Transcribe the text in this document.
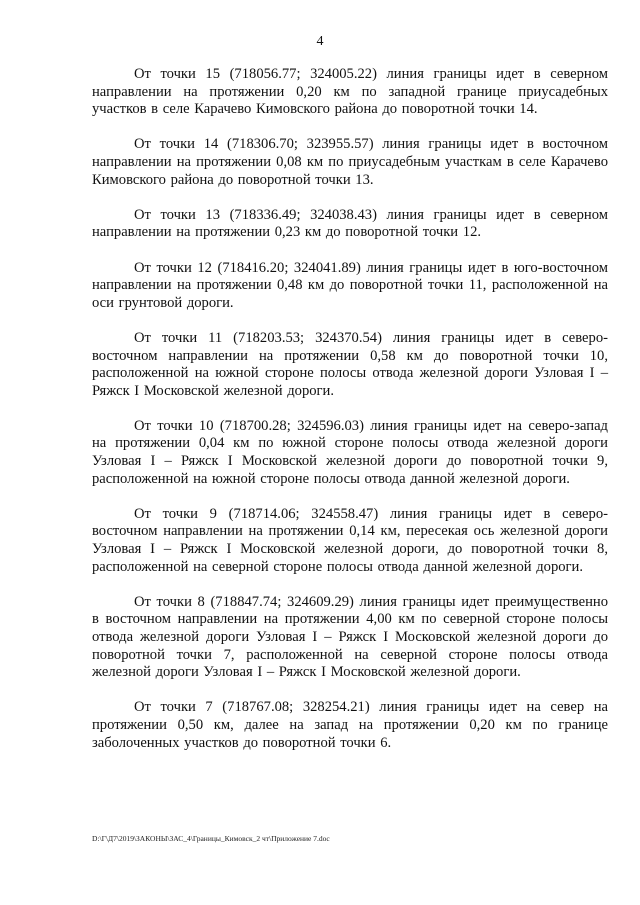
4

От точки 15 (718056.77; 324005.22) линия границы идет в северном направлении на протяжении 0,20 км по западной границе приусадебных участков в селе Карачево Кимовского района до поворотной точки 14.

От точки 14 (718306.70; 323955.57) линия границы идет в восточном направлении на протяжении 0,08 км по приусадебным участкам в селе Карачево Кимовского района до поворотной точки 13.

От точки 13 (718336.49; 324038.43) линия границы идет в северном направлении на протяжении 0,23 км до поворотной точки 12.

От точки 12 (718416.20; 324041.89) линия границы идет в юго-восточном направлении на протяжении 0,48 км до поворотной точки 11, расположенной на оси грунтовой дороги.

От точки 11 (718203.53; 324370.54) линия границы идет в северо-восточном направлении на протяжении 0,58 км до поворотной точки 10, расположенной на южной стороне полосы отвода железной дороги Узловая I – Ряжск I Московской железной дороги.

От точки 10 (718700.28; 324596.03) линия границы идет на северо-запад на протяжении 0,04 км по южной стороне полосы отвода железной дороги Узловая I – Ряжск I Московской железной дороги до поворотной точки 9, расположенной на южной стороне полосы отвода данной железной дороги.

От точки 9 (718714.06; 324558.47) линия границы идет в северо-восточном направлении на протяжении 0,14 км, пересекая ось железной дороги Узловая I – Ряжск I Московской железной дороги, до поворотной точки 8, расположенной на северной стороне полосы отвода данной железной дороги.

От точки 8 (718847.74; 324609.29) линия границы идет преимущественно в восточном направлении на протяжении 4,00 км по северной стороне полосы отвода железной дороги Узловая I – Ряжск I Московской железной дороги до поворотной точки 7, расположенной на северной стороне полосы отвода железной дороги Узловая I – Ряжск I Московской железной дороги.

От точки 7 (718767.08; 328254.21) линия границы идет на север на протяжении 0,50 км, далее на запад на протяжении 0,20 км по границе заболоченных участков до поворотной точки 6.

D:\Г\Д7\2019\ЗАКОНЫ\ЗАС_4\Границы_Кимовск_2 чт\Приложение 7.doc
